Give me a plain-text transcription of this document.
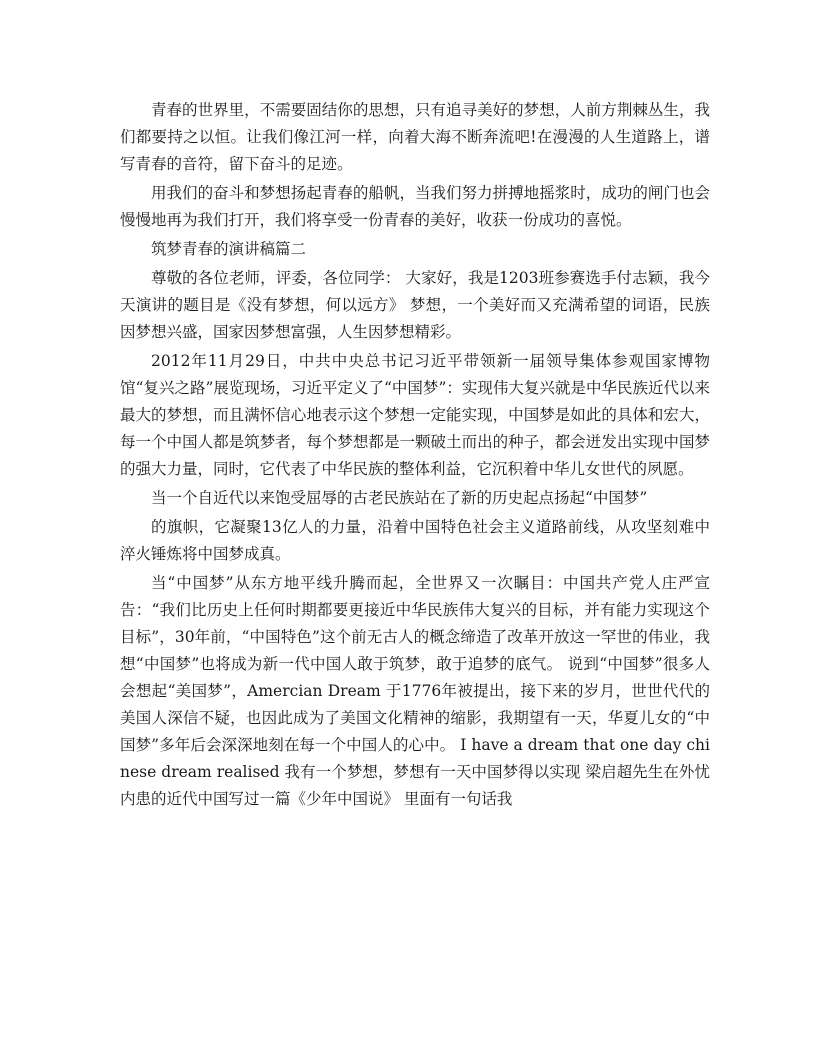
青春的世界里，不需要固结你的思想，只有追寻美好的梦想，人前方荆棘丛生，我们都要持之以恒。让我们像江河一样，向着大海不断奔流吧!在漫漫的人生道路上，谱写青春的音符，留下奋斗的足迹。

用我们的奋斗和梦想扬起青春的船帆，当我们努力拼搏地摇浆时，成功的闸门也会慢慢地再为我们打开，我们将享受一份青春的美好，收获一份成功的喜悦。

筑梦青春的演讲稿篇二

尊敬的各位老师，评委，各位同学： 大家好，我是1203班参赛选手付志颖，我今天演讲的题目是《没有梦想，何以远方》 梦想，一个美好而又充满希望的词语，民族因梦想兴盛，国家因梦想富强，人生因梦想精彩。

2012年11月29日，中共中央总书记习近平带领新一届领导集体参观国家博物馆“复兴之路”展览现场，习近平定义了“中国梦”：实现伟大复兴就是中华民族近代以来最大的梦想，而且满怀信心地表示这个梦想一定能实现，中国梦是如此的具体和宏大，每一个中国人都是筑梦者，每个梦想都是一颗破土而出的种子，都会迸发出实现中国梦的强大力量，同时，它代表了中华民族的整体利益，它沉积着中华儿女世代的夙愿。

当一个自近代以来饱受屈辱的古老民族站在了新的历史起点扬起“中国梦”

的旗帜，它凝聚13亿人的力量，沿着中国特色社会主义道路前线，从攻坚刻难中淬火锤炼将中国梦成真。

当“中国梦”从东方地平线升腾而起，全世界又一次瞩目：中国共产党人庄严宣告：“我们比历史上任何时期都要更接近中华民族伟大复兴的目标，并有能力实现这个目标”，30年前，“中国特色”这个前无古人的概念缔造了改革开放这一罕世的伟业，我想“中国梦”也将成为新一代中国人敢于筑梦，敢于追梦的底气。 说到“中国梦”很多人会想起“美国梦”，Amercian Dream 于1776年被提出，接下来的岁月，世世代代的美国人深信不疑，也因此成为了美国文化精神的缩影，我期望有一天，华夏儿女的“中国梦”多年后会深深地刻在每一个中国人的心中。 I have a dream that one day chinese dream realised 我有一个梦想，梦想有一天中国梦得以实现 梁启超先生在外忧内患的近代中国写过一篇《少年中国说》 里面有一句话我
